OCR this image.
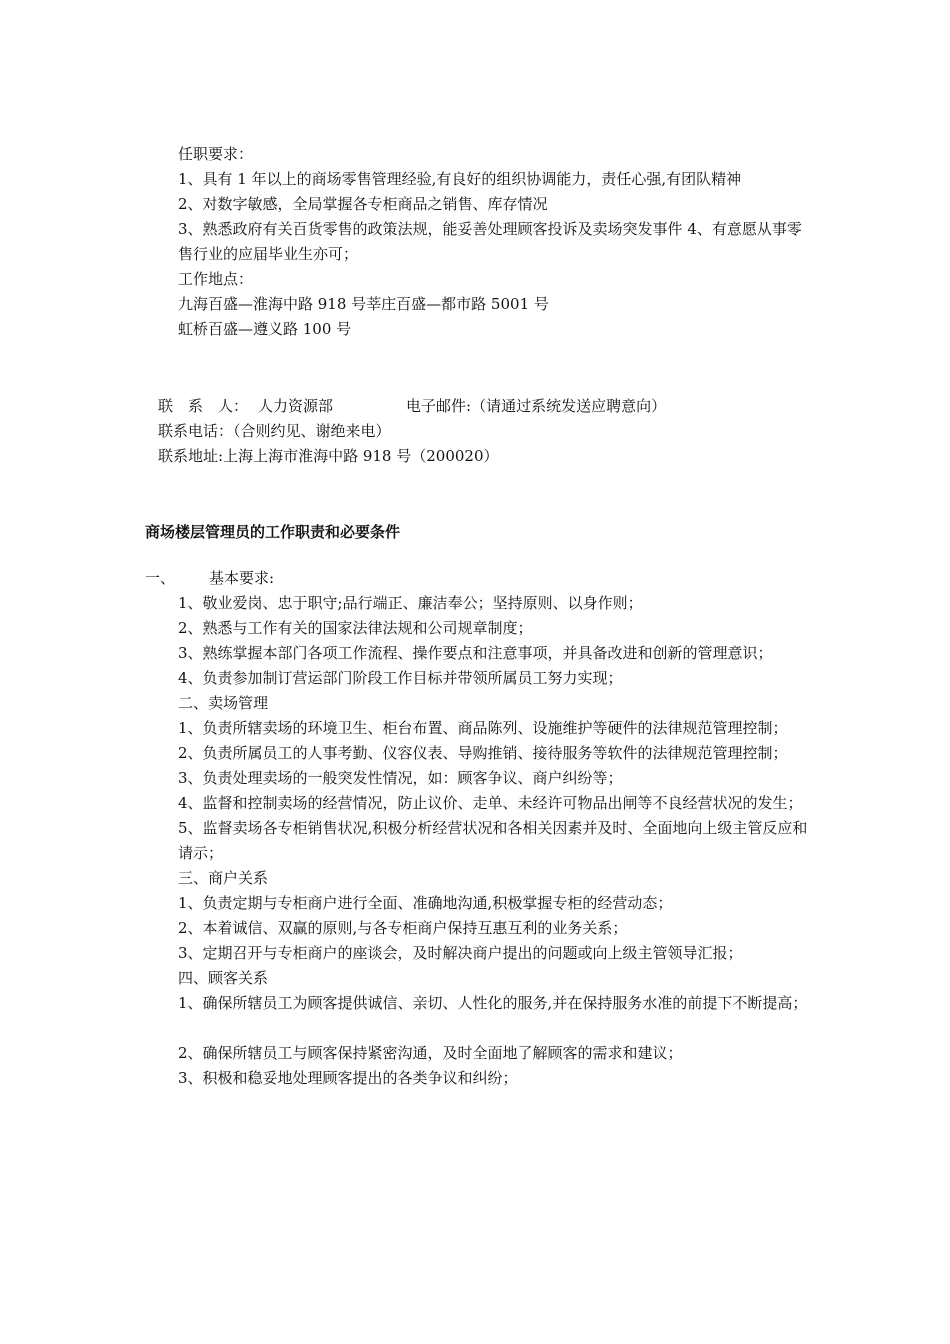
任职要求：

1、具有 1 年以上的商场零售管理经验,有良好的组织协调能力，责任心强,有团队精神

2、对数字敏感，全局掌握各专柜商品之销售、库存情况

3、熟悉政府有关百货零售的政策法规，能妥善处理顾客投诉及卖场突发事件 4、有意愿从事零售行业的应届毕业生亦可；

工作地点：

九海百盛—淮海中路 918 号莘庄百盛—都市路 5001 号

虹桥百盛—遵义路 100 号

联　系　人： 人力资源部	电子邮件:（请通过系统发送应聘意向）
联系电话：（合则约见、谢绝来电）
联系地址:上海上海市淮海中路 918 号（200020）
商场楼层管理员的工作职责和必要条件
一、 基本要求:

1、敬业爱岗、忠于职守;品行端正、廉洁奉公；坚持原则、以身作则；

2、熟悉与工作有关的国家法律法规和公司规章制度；

3、熟练掌握本部门各项工作流程、操作要点和注意事项，并具备改进和创新的管理意识；

4、负责参加制订营运部门阶段工作目标并带领所属员工努力实现；

二、卖场管理

1、负责所辖卖场的环境卫生、柜台布置、商品陈列、设施维护等硬件的法律规范管理控制；

2、负责所属员工的人事考勤、仪容仪表、导购推销、接待服务等软件的法律规范管理控制；

3、负责处理卖场的一般突发性情况，如：顾客争议、商户纠纷等；

4、监督和控制卖场的经营情况，防止议价、走单、未经许可物品出闸等不良经营状况的发生；

5、监督卖场各专柜销售状况,积极分析经营状况和各相关因素并及时、全面地向上级主管反应和请示；

三、商户关系

1、负责定期与专柜商户进行全面、准确地沟通,积极掌握专柜的经营动态；

2、本着诚信、双赢的原则,与各专柜商户保持互惠互利的业务关系；

3、定期召开与专柜商户的座谈会，及时解决商户提出的问题或向上级主管领导汇报；

四、顾客关系

1、确保所辖员工为顾客提供诚信、亲切、人性化的服务,并在保持服务水准的前提下不断提高；

2、确保所辖员工与顾客保持紧密沟通，及时全面地了解顾客的需求和建议；

3、积极和稳妥地处理顾客提出的各类争议和纠纷；
